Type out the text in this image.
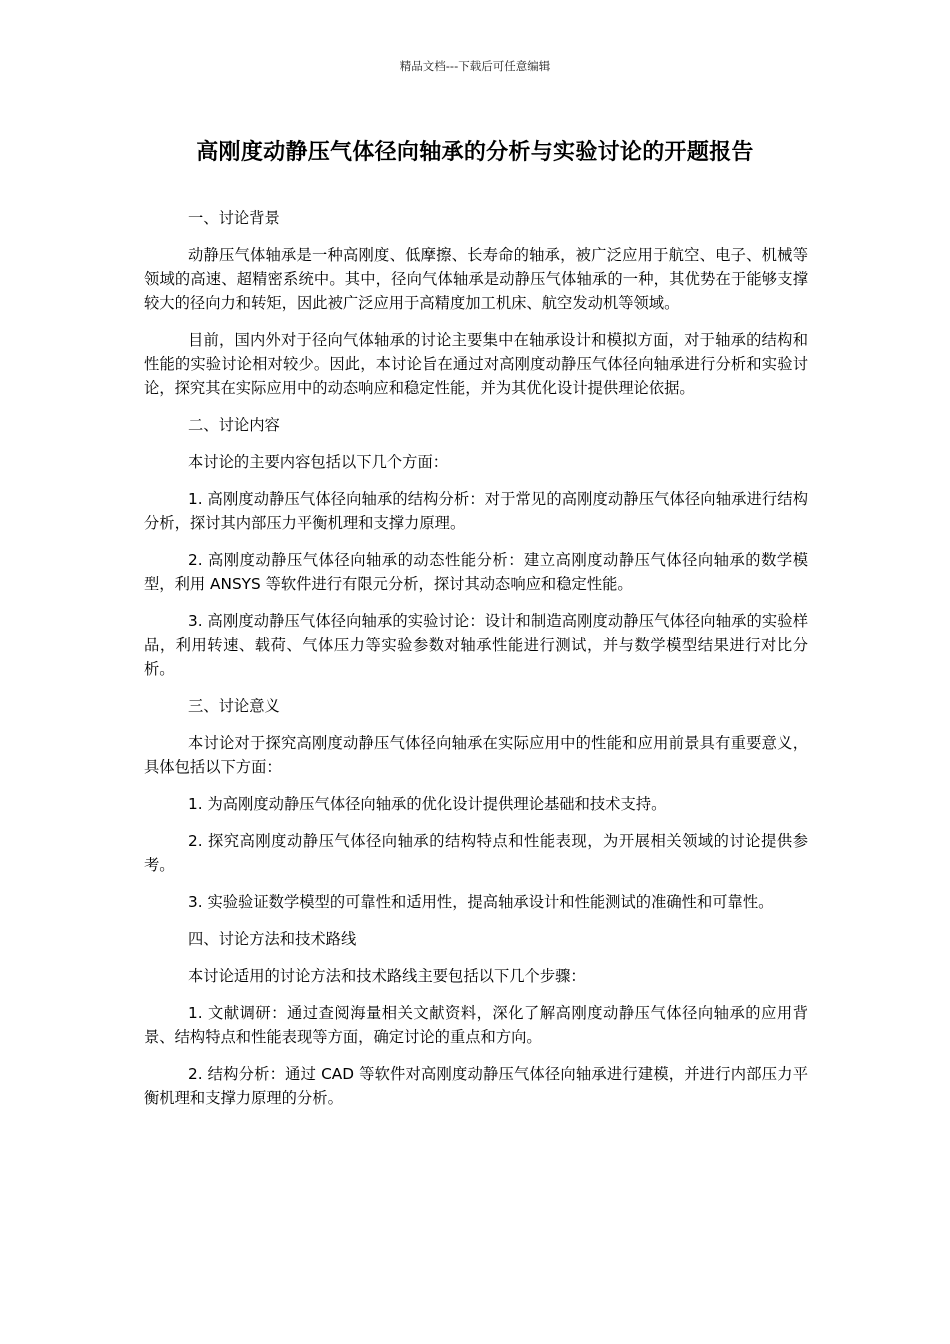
精品文档---下载后可任意编辑
高刚度动静压气体径向轴承的分析与实验讨论的开题报告

一、讨论背景

动静压气体轴承是一种高刚度、低摩擦、长寿命的轴承，被广泛应用于航空、电子、机械等领域的高速、超精密系统中。其中，径向气体轴承是动静压气体轴承的一种，其优势在于能够支撑较大的径向力和转矩，因此被广泛应用于高精度加工机床、航空发动机等领域。

目前，国内外对于径向气体轴承的讨论主要集中在轴承设计和模拟方面，对于轴承的结构和性能的实验讨论相对较少。因此，本讨论旨在通过对高刚度动静压气体径向轴承进行分析和实验讨论，探究其在实际应用中的动态响应和稳定性能，并为其优化设计提供理论依据。

二、讨论内容

本讨论的主要内容包括以下几个方面：

1. 高刚度动静压气体径向轴承的结构分析：对于常见的高刚度动静压气体径向轴承进行结构分析，探讨其内部压力平衡机理和支撑力原理。

2. 高刚度动静压气体径向轴承的动态性能分析：建立高刚度动静压气体径向轴承的数学模型，利用 ANSYS 等软件进行有限元分析，探讨其动态响应和稳定性能。

3. 高刚度动静压气体径向轴承的实验讨论：设计和制造高刚度动静压气体径向轴承的实验样品，利用转速、载荷、气体压力等实验参数对轴承性能进行测试，并与数学模型结果进行对比分析。

三、讨论意义

本讨论对于探究高刚度动静压气体径向轴承在实际应用中的性能和应用前景具有重要意义，具体包括以下方面：

1. 为高刚度动静压气体径向轴承的优化设计提供理论基础和技术支持。

2. 探究高刚度动静压气体径向轴承的结构特点和性能表现，为开展相关领域的讨论提供参考。

3. 实验验证数学模型的可靠性和适用性，提高轴承设计和性能测试的准确性和可靠性。

四、讨论方法和技术路线

本讨论适用的讨论方法和技术路线主要包括以下几个步骤：

1. 文献调研：通过查阅海量相关文献资料，深化了解高刚度动静压气体径向轴承的应用背景、结构特点和性能表现等方面，确定讨论的重点和方向。

2. 结构分析：通过 CAD 等软件对高刚度动静压气体径向轴承进行建模，并进行内部压力平衡机理和支撑力原理的分析。
